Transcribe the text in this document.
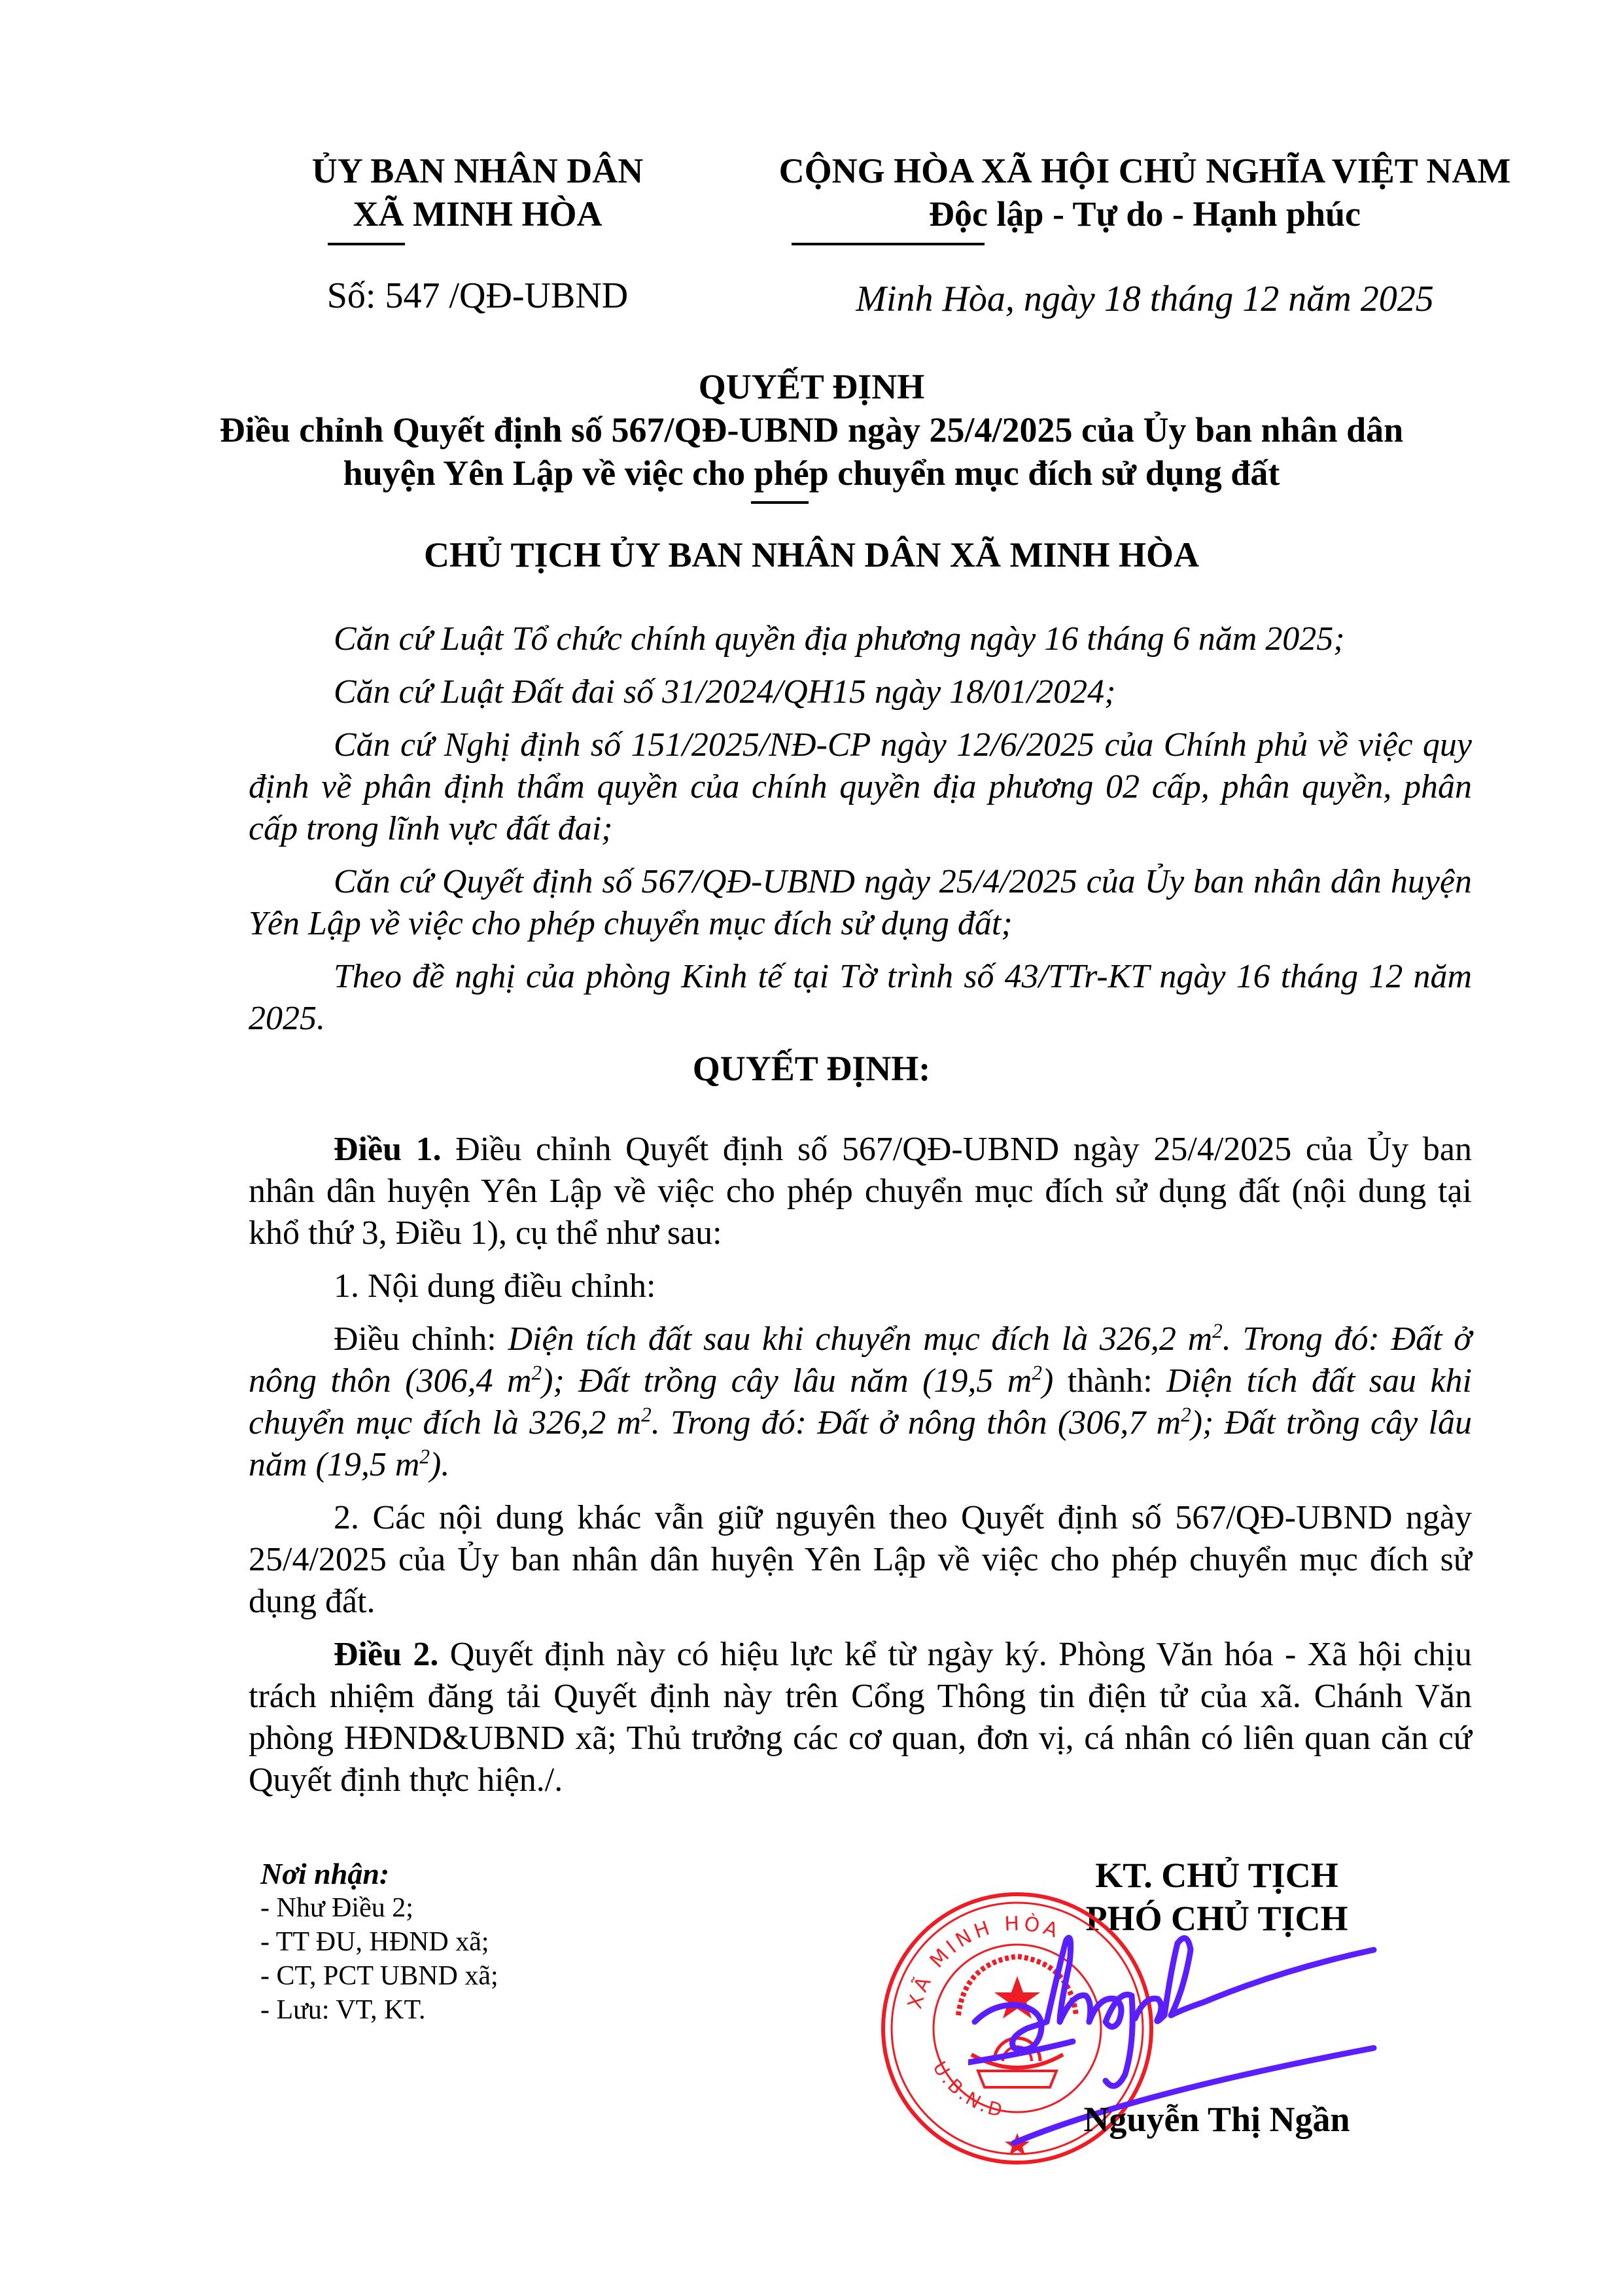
ỦY BAN NHÂN DÂN
XÃ MINH HÒA
CỘNG HÒA XÃ HỘI CHỦ NGHĨA VIỆT NAM
Độc lập - Tự do - Hạnh phúc
Số: 547 /QĐ-UBND	Minh Hòa, ngày 18 tháng 12 năm 2025
QUYẾT ĐỊNH
Điều chỉnh Quyết định số 567/QĐ-UBND ngày 25/4/2025 của Ủy ban nhân dân
huyện Yên Lập về việc cho phép chuyển mục đích sử dụng đất
CHỦ TỊCH ỦY BAN NHÂN DÂN XÃ MINH HÒA

Căn cứ Luật Tổ chức chính quyền địa phương ngày 16 tháng 6 năm 2025;

Căn cứ Luật Đất đai số 31/2024/QH15 ngày 18/01/2024;

Căn cứ Nghị định số 151/2025/NĐ-CP ngày 12/6/2025 của Chính phủ về việc quy định về phân định thẩm quyền của chính quyền địa phương 02 cấp, phân quyền, phân cấp trong lĩnh vực đất đai;

Căn cứ Quyết định số 567/QĐ-UBND ngày 25/4/2025 của Ủy ban nhân dân huyện Yên Lập về việc cho phép chuyển mục đích sử dụng đất;

Theo đề nghị của phòng Kinh tế tại Tờ trình số 43/TTr-KT ngày 16 tháng 12 năm 2025.

QUYẾT ĐỊNH:

Điều 1. Điều chỉnh Quyết định số 567/QĐ-UBND ngày 25/4/2025 của Ủy ban nhân dân huyện Yên Lập về việc cho phép chuyển mục đích sử dụng đất (nội dung tại khổ thứ 3, Điều 1), cụ thể như sau:

1. Nội dung điều chỉnh:

Điều chỉnh: Diện tích đất sau khi chuyển mục đích là 326,2 $m^2$. Trong đó: Đất ở nông thôn (306,4 $m^2$); Đất trồng cây lâu năm (19,5 $m^2$) thành: Diện tích đất sau khi chuyển mục đích là 326,2 $m^2$. Trong đó: Đất ở nông thôn (306,7 $m^2$); Đất trồng cây lâu năm (19,5 $m^2$).

2. Các nội dung khác vẫn giữ nguyên theo Quyết định số 567/QĐ-UBND ngày 25/4/2025 của Ủy ban nhân dân huyện Yên Lập về việc cho phép chuyển mục đích sử dụng đất.

Điều 2. Quyết định này có hiệu lực kể từ ngày ký. Phòng Văn hóa - Xã hội chịu trách nhiệm đăng tải Quyết định này trên Cổng Thông tin điện tử của xã. Chánh Văn phòng HĐND&UBND xã; Thủ trưởng các cơ quan, đơn vị, cá nhân có liên quan căn cứ Quyết định thực hiện./.

Nơi nhận:
- Như Điều 2;
- TT ĐU, HĐND xã;
- CT, PCT UBND xã;
- Lưu: VT, KT.
KT. CHỦ TỊCH
PHÓ CHỦ TỊCH
XÃ MINH HÒA
U.B.N.D	Nguyễn Thị Ngần
